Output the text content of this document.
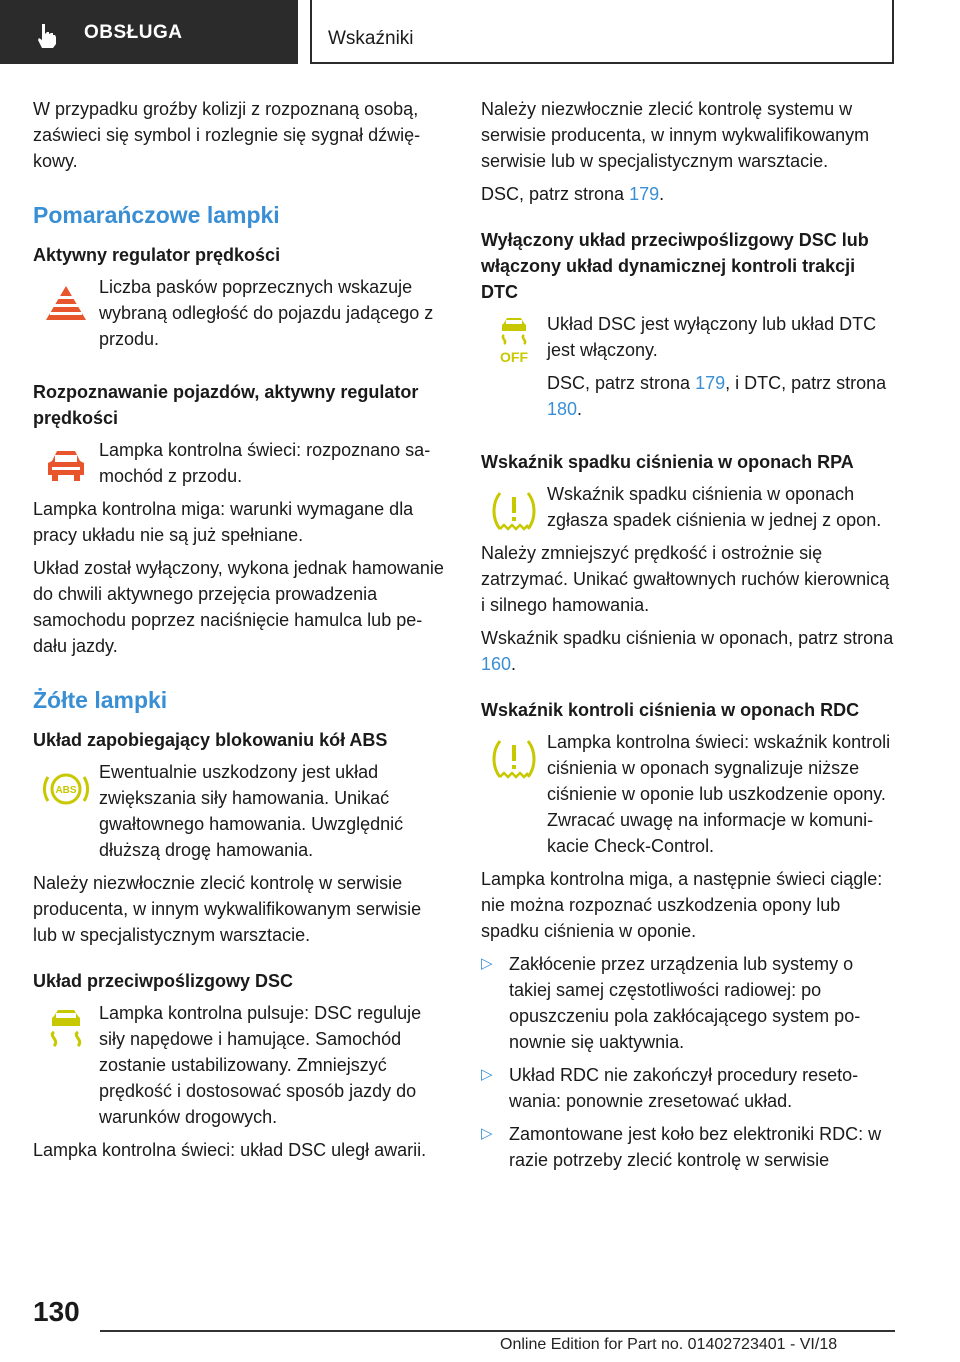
OBSŁUGA	Wskaźniki

W przypadku groźby kolizji z rozpoznaną osobą, zaświeci się symbol i rozlegnie się sygnał dźwiękowy.

Pomarańczowe lampki
Aktywny regulator prędkości

Liczba pasków poprzecznych wskazuje wybraną odległość do pojazdu jadącego z przodu.

Rozpoznawanie pojazdów, aktywny regulator prędkości

Lampka kontrolna świeci: rozpoznano samochód z przodu.

Lampka kontrolna miga: warunki wymagane dla pracy układu nie są już spełniane.

Układ został wyłączony, wykona jednak hamowanie do chwili aktywnego przejęcia prowadzenia samochodu poprzez naciśnięcie hamulca lub pedału jazdy.

Żółte lampki
Układ zapobiegający blokowaniu kół ABS
ABS

Ewentualnie uszkodzony jest układ zwiększania siły hamowania. Unikać gwałtownego hamowania. Uwzględnić dłuższą drogę hamowania.

Należy niezwłocznie zlecić kontrolę w serwisie producenta, w innym wykwalifikowanym serwisie lub w specjalistycznym warsztacie.

Układ przeciwpoślizgowy DSC

Lampka kontrolna pulsuje: DSC reguluje siły napędowe i hamujące. Samochód zostanie ustabilizowany. Zmniejszyć prędkość i dostosować sposób jazdy do warunków drogowych.

Lampka kontrolna świeci: układ DSC uległ awarii.

Należy niezwłocznie zlecić kontrolę systemu w serwisie producenta, w innym wykwalifikowanym serwisie lub w specjalistycznym warsztacie.

DSC, patrz strona 179.

Wyłączony układ przeciwpoślizgowy DSC lub włączony układ dynamicznej kontroli trakcji DTC
OFF

Układ DSC jest wyłączony lub układ DTC jest włączony.

DSC, patrz strona 179, i DTC, patrz strona 180.

Wskaźnik spadku ciśnienia w oponach RPA

Wskaźnik spadku ciśnienia w oponach zgłasza spadek ciśnienia w jednej z opon.

Należy zmniejszyć prędkość i ostrożnie się zatrzymać. Unikać gwałtownych ruchów kierownicą i silnego hamowania.

Wskaźnik spadku ciśnienia w oponach, patrz strona 160.

Wskaźnik kontroli ciśnienia w oponach RDC

Lampka kontrolna świeci: wskaźnik kontroli ciśnienia w oponach sygnalizuje niższe ciśnienie w oponie lub uszkodzenie opony. Zwracać uwagę na informacje w komunikacie Check-Control.

Lampka kontrolna miga, a następnie świeci ciągle: nie można rozpoznać uszkodzenia opony lub spadku ciśnienia w oponie.

▷ Zakłócenie przez urządzenia lub systemy o takiej samej częstotliwości radiowej: po opuszczeniu pola zakłócającego system ponownie się uaktywnia.
▷ Układ RDC nie zakończył procedury resetowania: ponownie zresetować układ.
▷ Zamontowane jest koło bez elektroniki RDC: w razie potrzeby zlecić kontrolę w serwisie
130
Online Edition for Part no. 01402723401 - VI/18
